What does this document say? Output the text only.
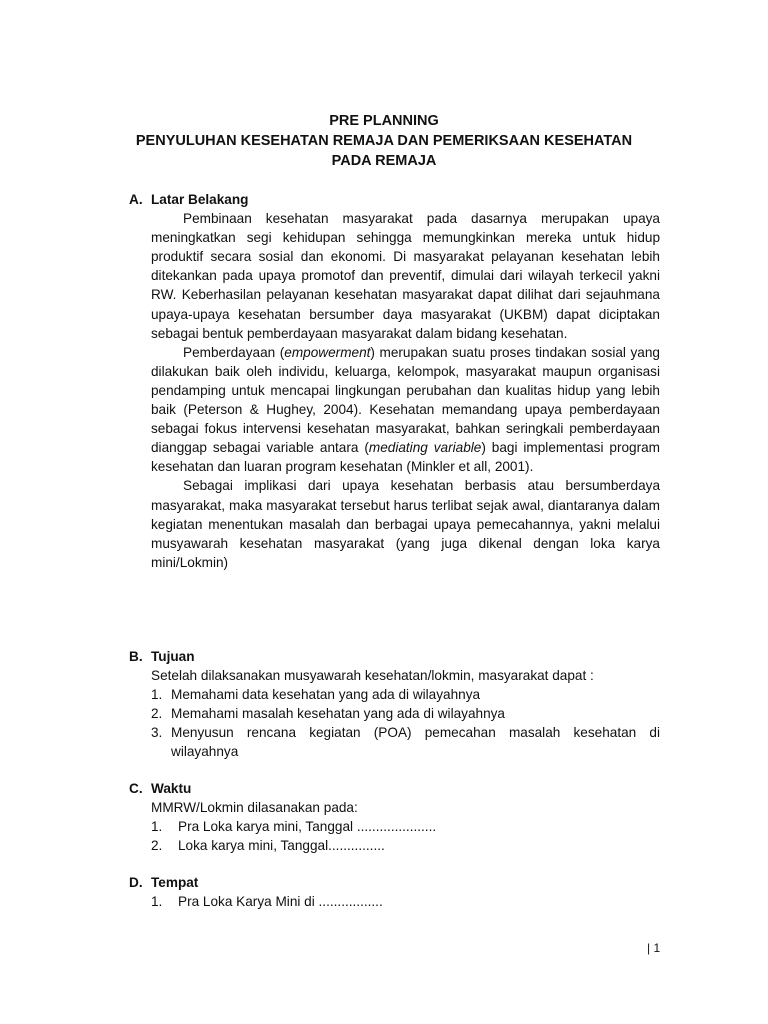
PRE PLANNING
PENYULUHAN KESEHATAN REMAJA DAN PEMERIKSAAN KESEHATAN
PADA REMAJA
A. Latar Belakang

Pembinaan kesehatan masyarakat pada dasarnya merupakan upaya meningkatkan segi kehidupan sehingga memungkinkan mereka untuk hidup produktif secara sosial dan ekonomi. Di masyarakat pelayanan kesehatan lebih ditekankan pada upaya promotof dan preventif, dimulai dari wilayah terkecil yakni RW. Keberhasilan pelayanan kesehatan masyarakat dapat dilihat dari sejauhmana upaya-upaya kesehatan bersumber daya masyarakat (UKBM) dapat diciptakan sebagai bentuk pemberdayaan masyarakat dalam bidang kesehatan.

Pemberdayaan (empowerment) merupakan suatu proses tindakan sosial yang dilakukan baik oleh individu, keluarga, kelompok, masyarakat maupun organisasi pendamping untuk mencapai lingkungan perubahan dan kualitas hidup yang lebih baik (Peterson & Hughey, 2004). Kesehatan memandang upaya pemberdayaan sebagai fokus intervensi kesehatan masyarakat, bahkan seringkali pemberdayaan dianggap sebagai variable antara (mediating variable) bagi implementasi program kesehatan dan luaran program kesehatan (Minkler et all, 2001).

Sebagai implikasi dari upaya kesehatan berbasis atau bersumberdaya masyarakat, maka masyarakat tersebut harus terlibat sejak awal, diantaranya dalam kegiatan menentukan masalah dan berbagai upaya pemecahannya, yakni melalui musyawarah kesehatan masyarakat (yang juga dikenal dengan loka karya mini/Lokmin)

B. Tujuan

Setelah dilaksanakan musyawarah kesehatan/lokmin, masyarakat dapat :

1. Memahami data kesehatan yang ada di wilayahnya
2. Memahami masalah kesehatan yang ada di wilayahnya
3. Menyusun rencana kegiatan (POA) pemecahan masalah kesehatan di wilayahnya
C. Waktu

MMRW/Lokmin dilasanakan pada:

1.	Pra Loka karya mini, Tanggal .....................
2.	Loka karya mini, Tanggal...............
D. Tempat
1.	Pra Loka Karya Mini di .................
| 1
